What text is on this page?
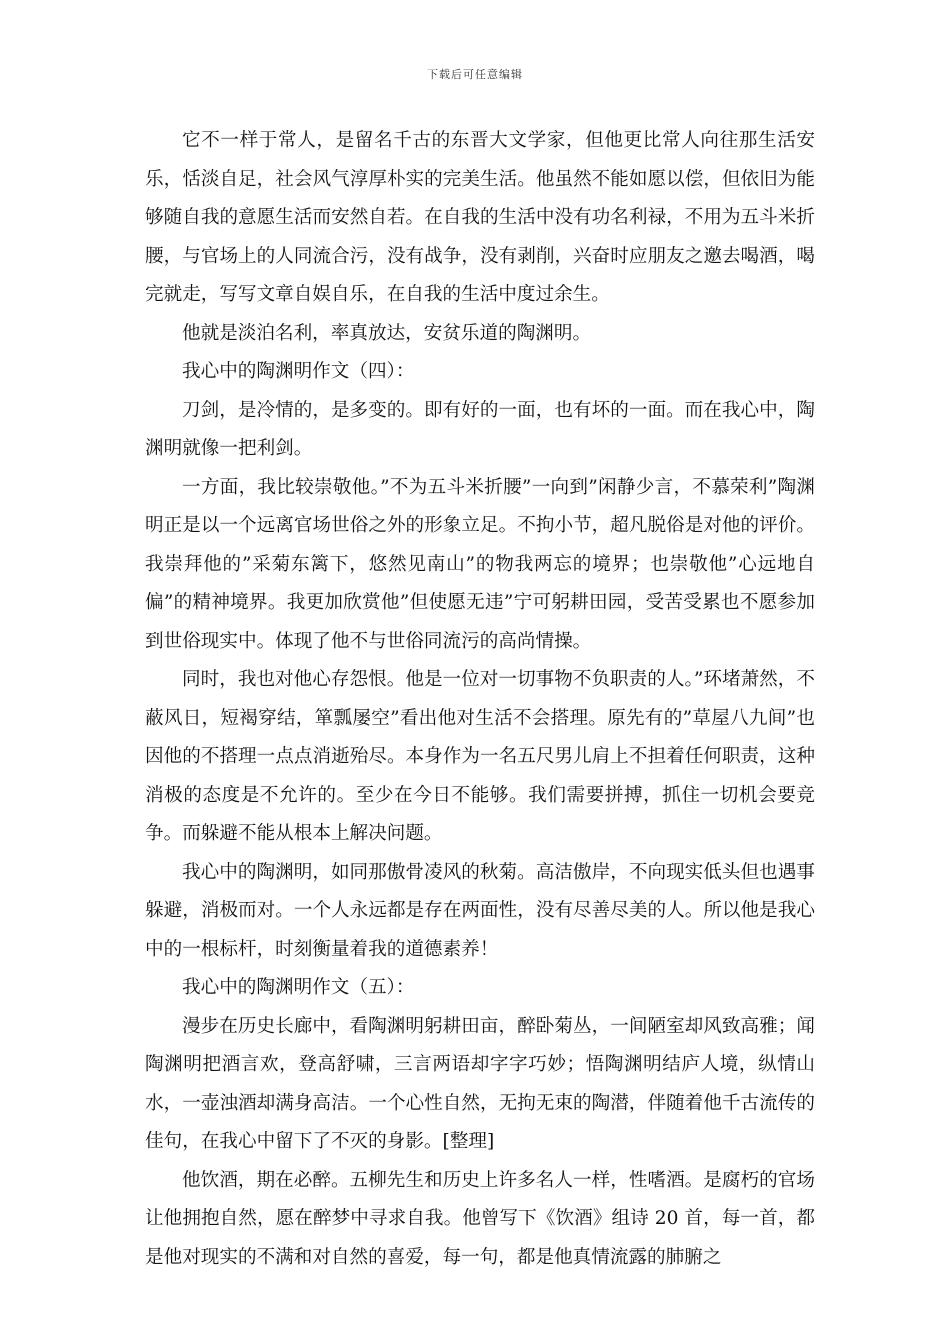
下载后可任意编辑

它不一样于常人，是留名千古的东晋大文学家，但他更比常人向往那生活安乐，恬淡自足，社会风气淳厚朴实的完美生活。他虽然不能如愿以偿，但依旧为能够随自我的意愿生活而安然自若。在自我的生活中没有功名利禄，不用为五斗米折腰，与官场上的人同流合污，没有战争，没有剥削，兴奋时应朋友之邀去喝酒，喝完就走，写写文章自娱自乐，在自我的生活中度过余生。

他就是淡泊名利，率真放达，安贫乐道的陶渊明。

我心中的陶渊明作文（四）：

刀剑，是冷情的，是多变的。即有好的一面，也有坏的一面。而在我心中，陶渊明就像一把利剑。

一方面，我比较崇敬他。”不为五斗米折腰”一向到”闲静少言，不慕荣利”陶渊明正是以一个远离官场世俗之外的形象立足。不拘小节，超凡脱俗是对他的评价。我崇拜他的”采菊东篱下，悠然见南山”的物我两忘的境界；也崇敬他”心远地自偏”的精神境界。我更加欣赏他”但使愿无违”宁可躬耕田园，受苦受累也不愿参加到世俗现实中。体现了他不与世俗同流污的高尚情操。

同时，我也对他心存怨恨。他是一位对一切事物不负职责的人。”环堵萧然，不蔽风日，短褐穿结，箪瓢屡空”看出他对生活不会搭理。原先有的”草屋八九间”也因他的不搭理一点点消逝殆尽。本身作为一名五尺男儿肩上不担着任何职责，这种消极的态度是不允许的。至少在今日不能够。我们需要拼搏，抓住一切机会要竞争。而躲避不能从根本上解决问题。

我心中的陶渊明，如同那傲骨凌风的秋菊。高洁傲岸，不向现实低头但也遇事躲避，消极而对。一个人永远都是存在两面性，没有尽善尽美的人。所以他是我心中的一根标杆，时刻衡量着我的道德素养！

我心中的陶渊明作文（五）：

漫步在历史长廊中，看陶渊明躬耕田亩，醉卧菊丛，一间陋室却风致高雅；闻陶渊明把酒言欢，登高舒啸，三言两语却字字巧妙；悟陶渊明结庐人境，纵情山水，一壶浊酒却满身高洁。一个心性自然，无拘无束的陶潜，伴随着他千古流传的佳句，在我心中留下了不灭的身影。[整理]

他饮酒，期在必醉。五柳先生和历史上许多名人一样，性嗜酒。是腐朽的官场让他拥抱自然，愿在醉梦中寻求自我。他曾写下《饮酒》组诗 20 首，每一首，都是他对现实的不满和对自然的喜爱，每一句，都是他真情流露的肺腑之
